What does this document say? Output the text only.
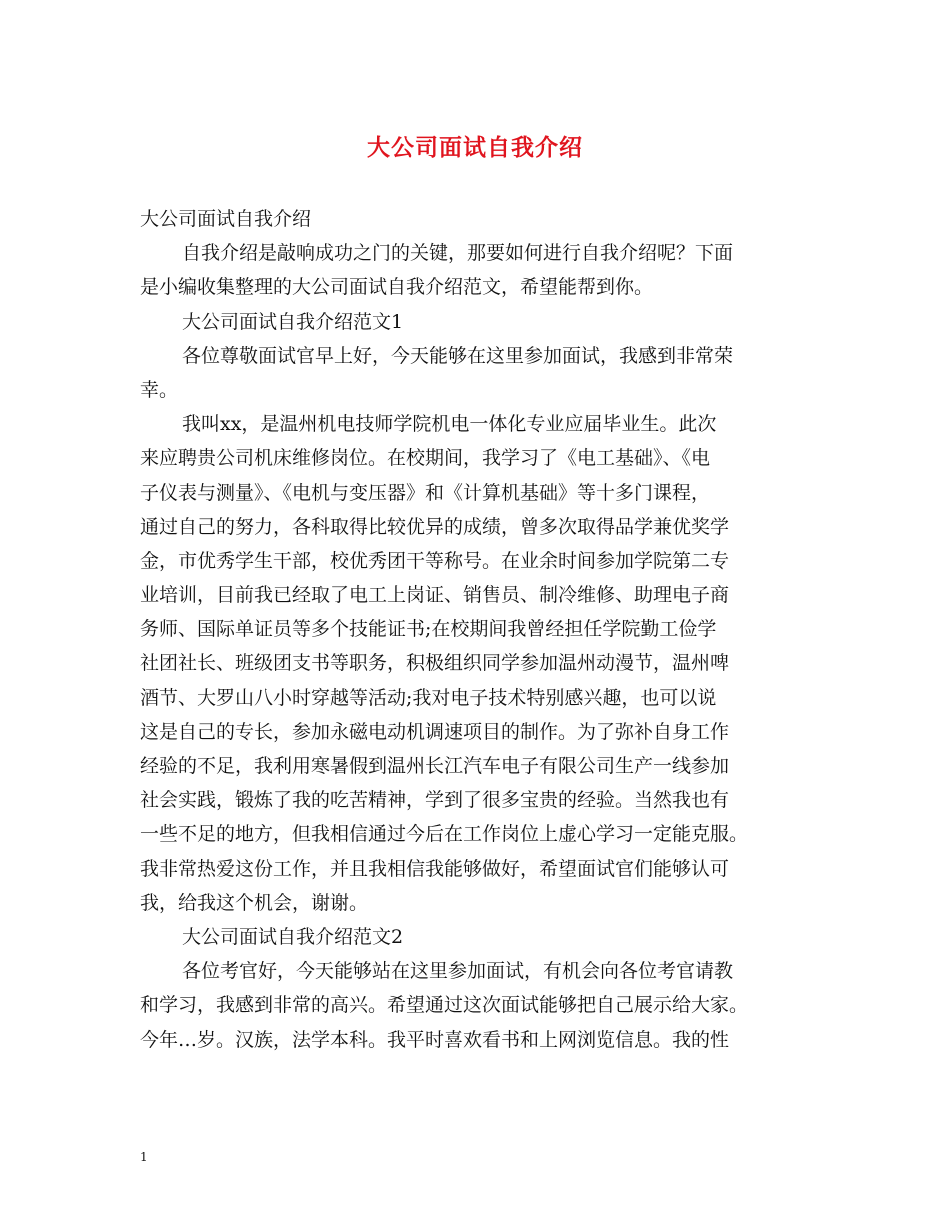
大公司面试自我介绍
大公司面试自我介绍
自我介绍是敲响成功之门的关键，那要如何进行自我介绍呢？下面
是小编收集整理的大公司面试自我介绍范文，希望能帮到你。
大公司面试自我介绍范文1
各位尊敬面试官早上好，今天能够在这里参加面试，我感到非常荣
幸。
我叫xx，是温州机电技师学院机电一体化专业应届毕业生。此次
来应聘贵公司机床维修岗位。在校期间，我学习了《电工基础》、《电
子仪表与测量》、《电机与变压器》和《计算机基础》等十多门课程，
通过自己的努力，各科取得比较优异的成绩，曾多次取得品学兼优奖学
金，市优秀学生干部，校优秀团干等称号。在业余时间参加学院第二专
业培训，目前我已经取了电工上岗证、销售员、制冷维修、助理电子商
务师、国际单证员等多个技能证书;在校期间我曾经担任学院勤工俭学
社团社长、班级团支书等职务，积极组织同学参加温州动漫节，温州啤
酒节、大罗山八小时穿越等活动;我对电子技术特别感兴趣，也可以说
这是自己的专长，参加永磁电动机调速项目的制作。为了弥补自身工作
经验的不足，我利用寒暑假到温州长江汽车电子有限公司生产一线参加
社会实践，锻炼了我的吃苦精神，学到了很多宝贵的经验。当然我也有
一些不足的地方，但我相信通过今后在工作岗位上虚心学习一定能克服。
我非常热爱这份工作，并且我相信我能够做好，希望面试官们能够认可
我，给我这个机会，谢谢。
大公司面试自我介绍范文2
各位考官好，今天能够站在这里参加面试，有机会向各位考官请教
和学习，我感到非常的高兴。希望通过这次面试能够把自己展示给大家。
今年…岁。汉族，法学本科。我平时喜欢看书和上网浏览信息。我的性
1
